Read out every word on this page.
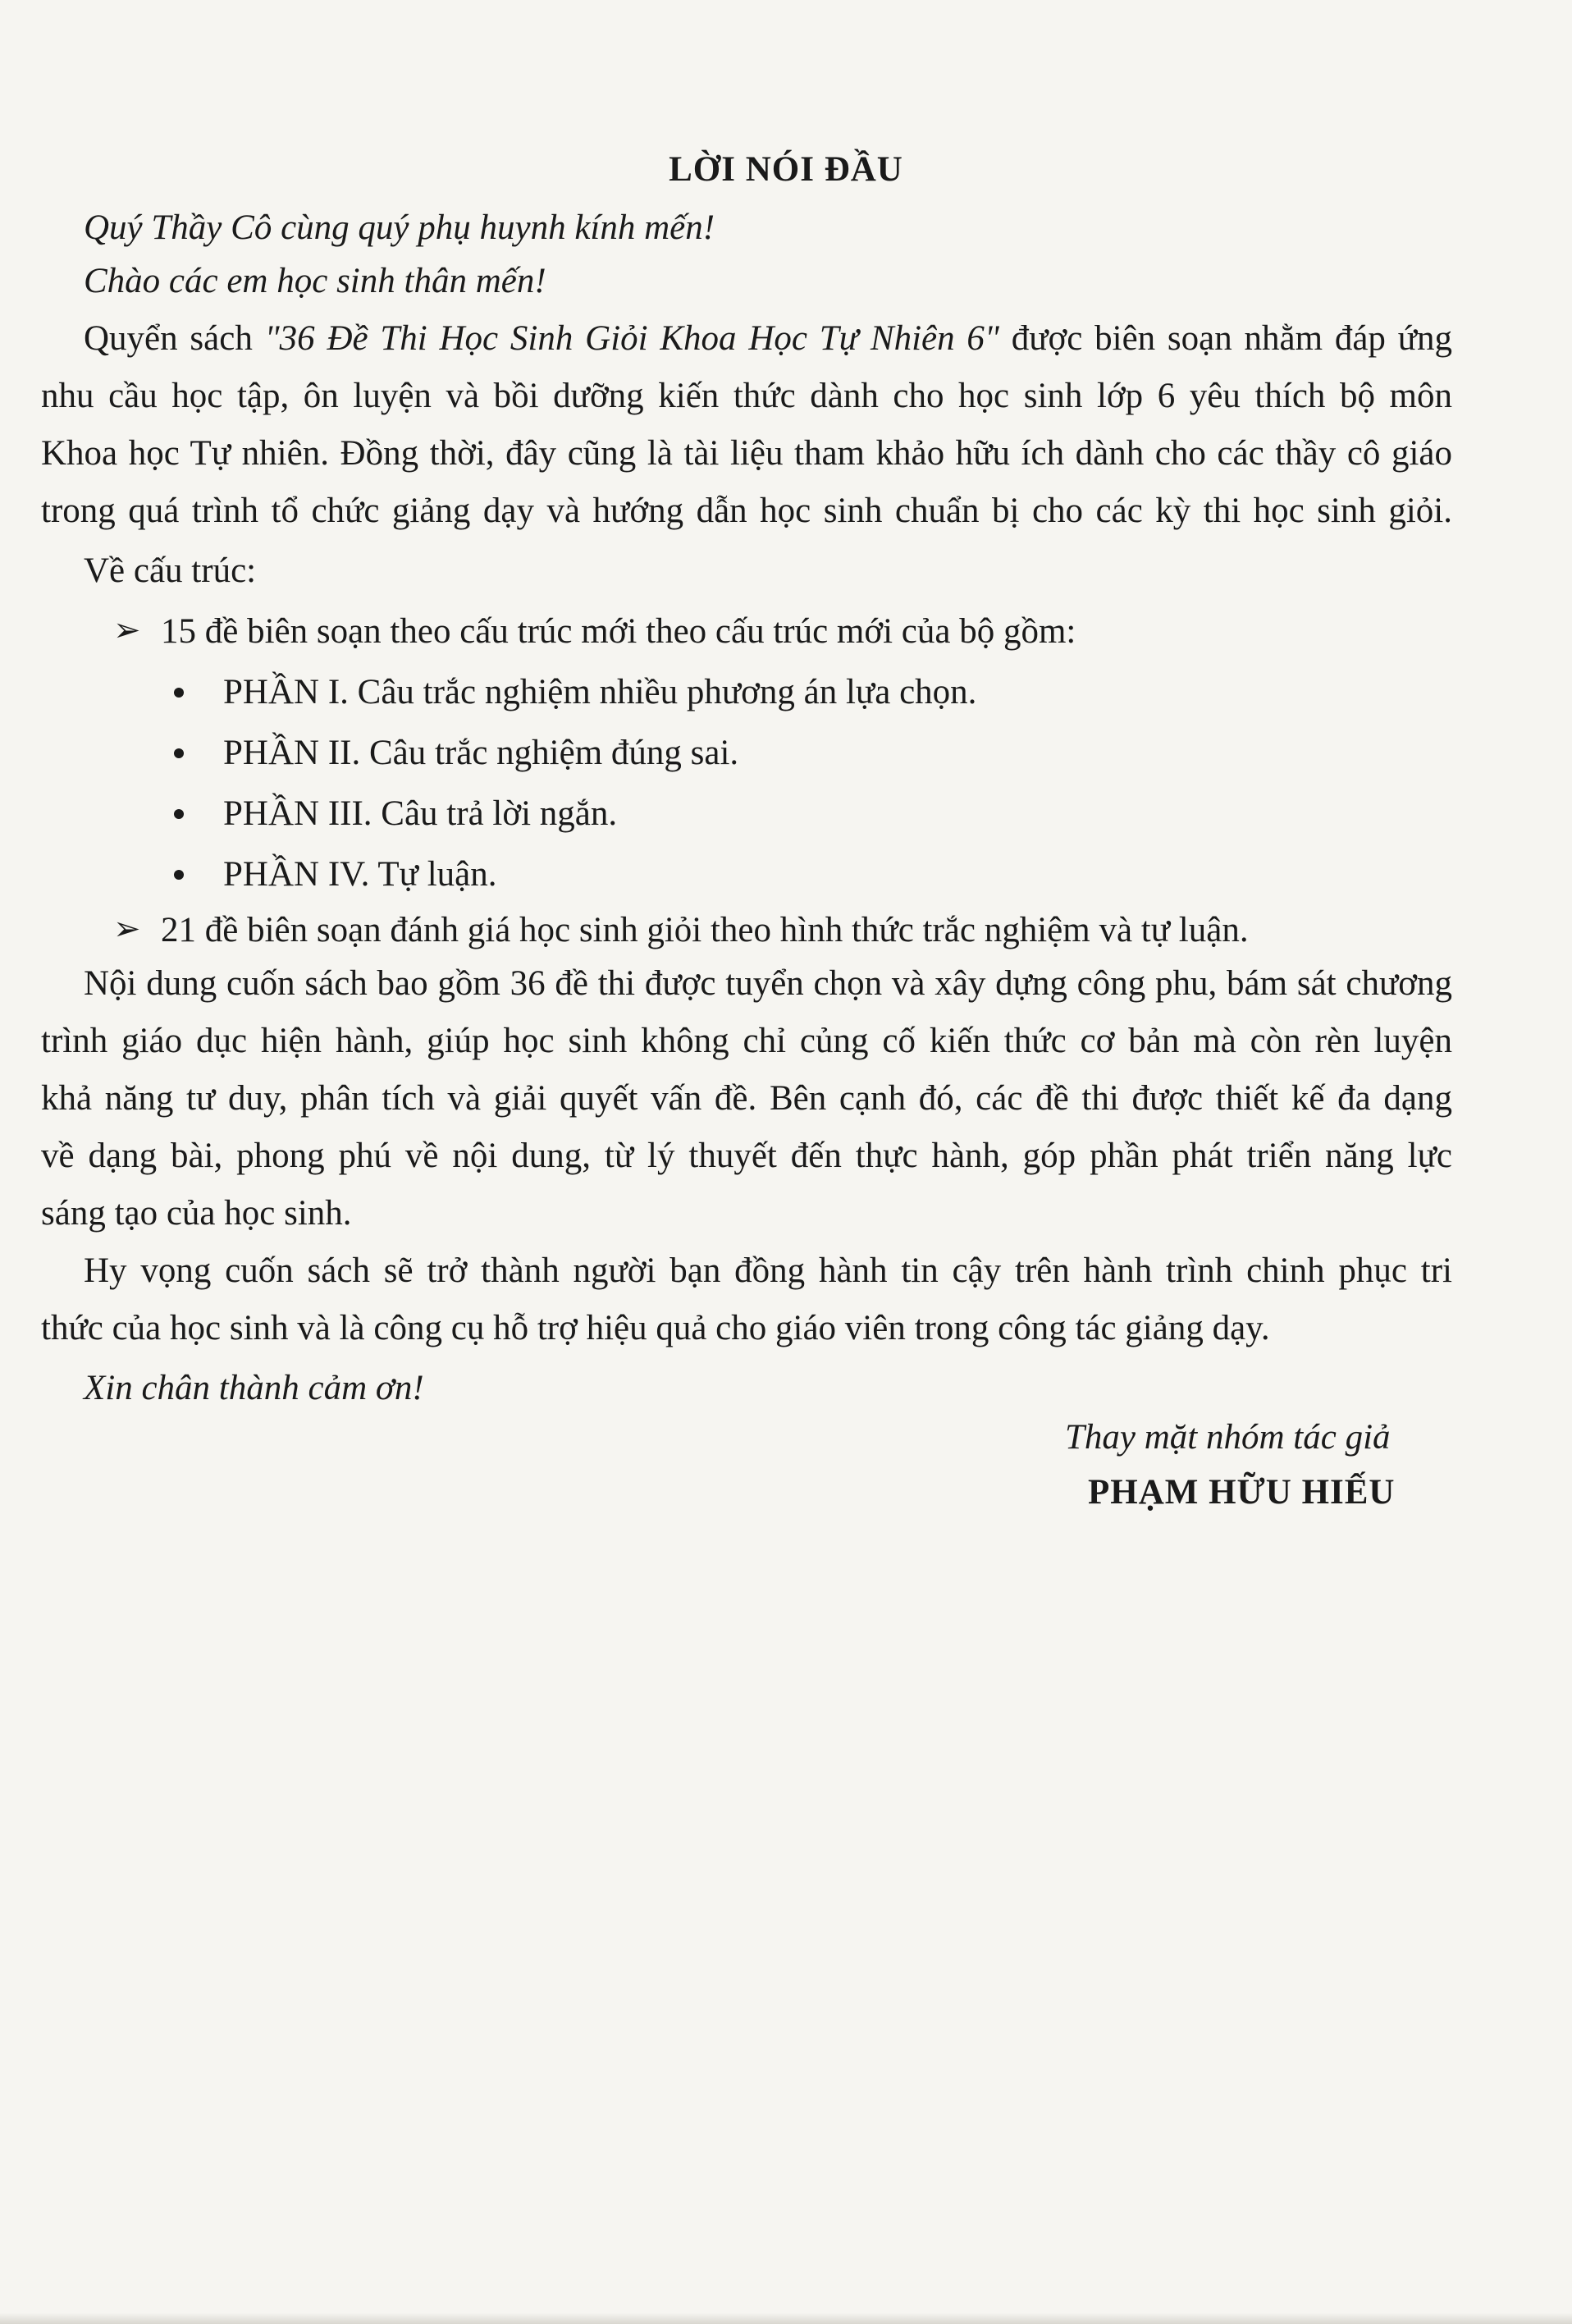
LỜI NÓI ĐẦU
Quý Thầy Cô cùng quý phụ huynh kính mến!
Chào các em học sinh thân mến!
Quyển sách "36 Đề Thi Học Sinh Giỏi Khoa Học Tự Nhiên 6" được biên soạn nhằm đáp ứng
nhu cầu học tập, ôn luyện và bồi dưỡng kiến thức dành cho học sinh lớp 6 yêu thích bộ môn
Khoa học Tự nhiên. Đồng thời, đây cũng là tài liệu tham khảo hữu ích dành cho các thầy cô giáo
trong quá trình tổ chức giảng dạy và hướng dẫn học sinh chuẩn bị cho các kỳ thi học sinh giỏi.
Về cấu trúc:
➢ 15 đề biên soạn theo cấu trúc mới theo cấu trúc mới của bộ gồm:
PHẦN I. Câu trắc nghiệm nhiều phương án lựa chọn.
PHẦN II. Câu trắc nghiệm đúng sai.
PHẦN III. Câu trả lời ngắn.
PHẦN IV. Tự luận.
➢ 21 đề biên soạn đánh giá học sinh giỏi theo hình thức trắc nghiệm và tự luận.
Nội dung cuốn sách bao gồm 36 đề thi được tuyển chọn và xây dựng công phu, bám sát chương
trình giáo dục hiện hành, giúp học sinh không chỉ củng cố kiến thức cơ bản mà còn rèn luyện
khả năng tư duy, phân tích và giải quyết vấn đề. Bên cạnh đó, các đề thi được thiết kế đa dạng
về dạng bài, phong phú về nội dung, từ lý thuyết đến thực hành, góp phần phát triển năng lực
sáng tạo của học sinh.
Hy vọng cuốn sách sẽ trở thành người bạn đồng hành tin cậy trên hành trình chinh phục tri
thức của học sinh và là công cụ hỗ trợ hiệu quả cho giáo viên trong công tác giảng dạy.
Xin chân thành cảm ơn!
Thay mặt nhóm tác giả
PHẠM HỮU HIẾU
